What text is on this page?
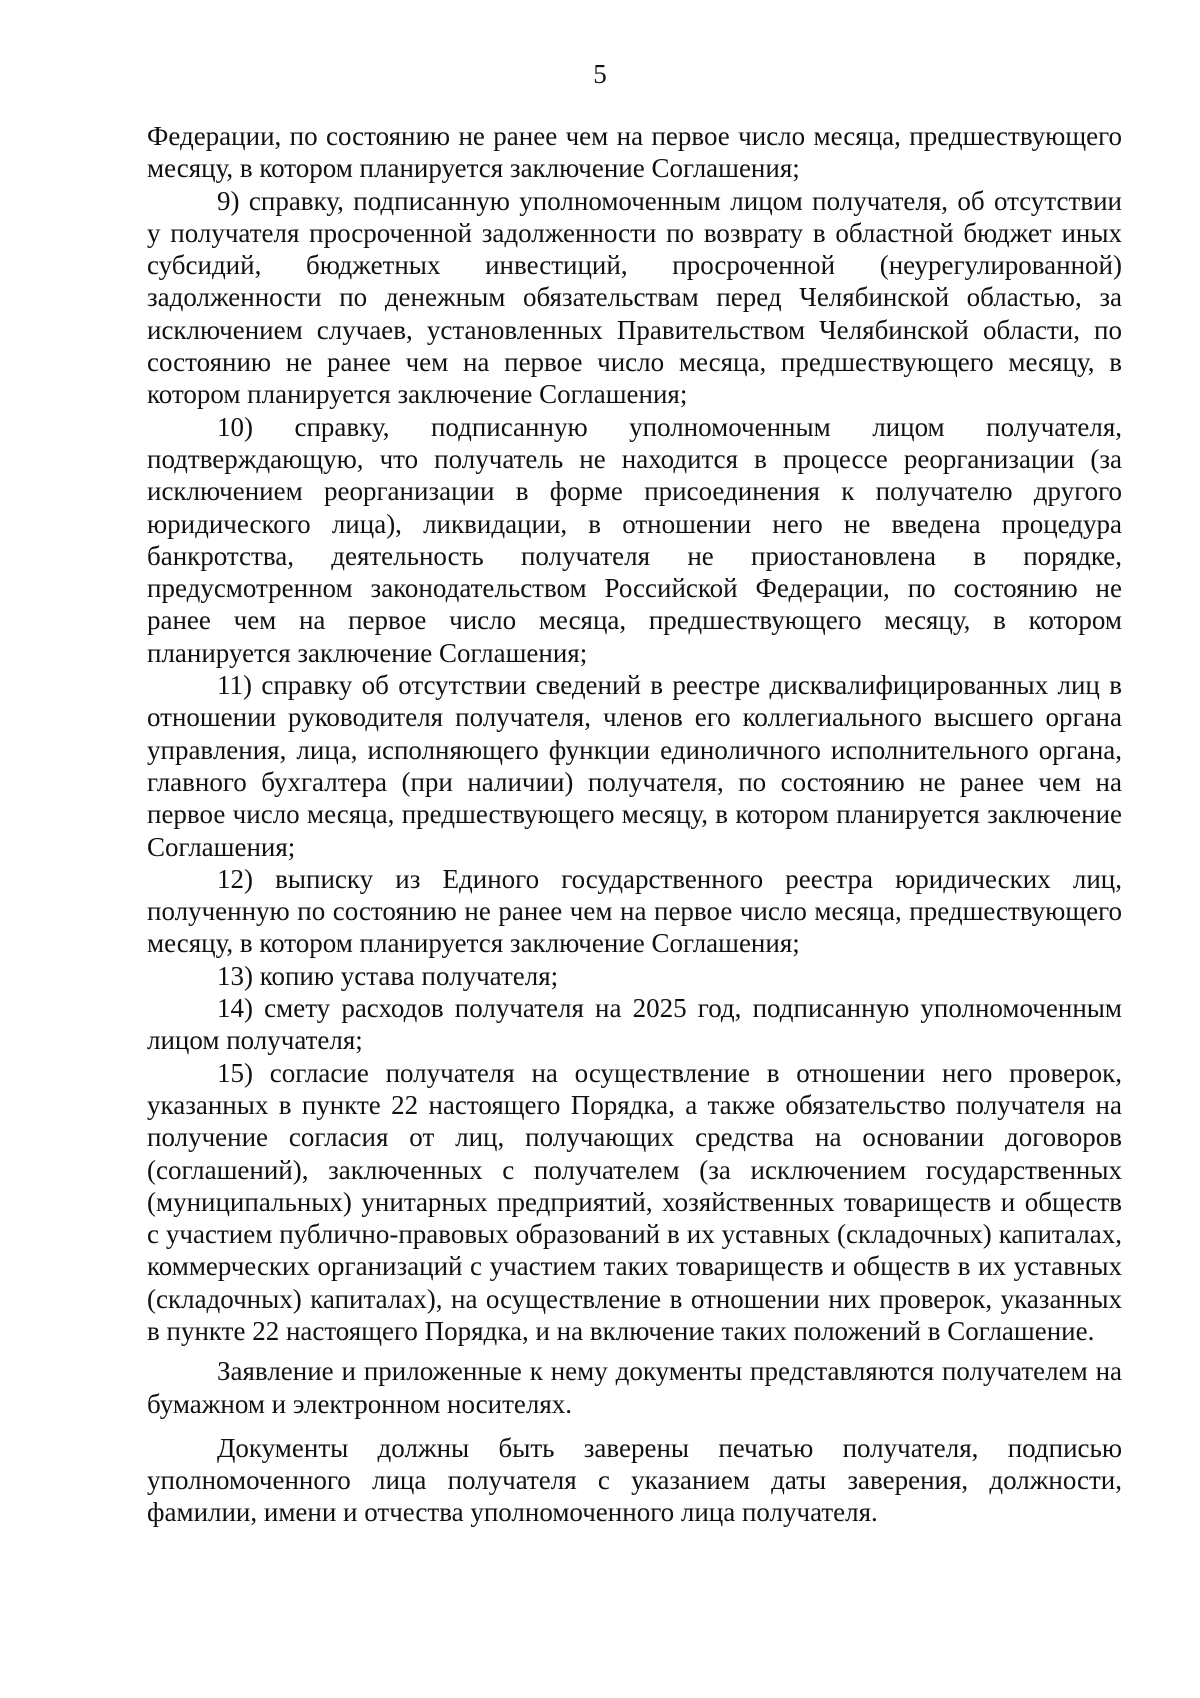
5

Федерации, по состоянию не ранее чем на первое число месяца, предшествующего месяцу, в котором планируется заключение Соглашения;

9) справку, подписанную уполномоченным лицом получателя, об отсутствии у получателя просроченной задолженности по возврату в областной бюджет иных субсидий, бюджетных инвестиций, просроченной (неурегулированной) задолженности по денежным обязательствам перед Челябинской областью, за исключением случаев, установленных Правительством Челябинской области, по состоянию не ранее чем на первое число месяца, предшествующего месяцу, в котором планируется заключение Соглашения;

10) справку, подписанную уполномоченным лицом получателя, подтверждающую, что получатель не находится в процессе реорганизации (за исключением реорганизации в форме присоединения к получателю другого юридического лица), ликвидации, в отношении него не введена процедура банкротства, деятельность получателя не приостановлена в порядке, предусмотренном законодательством Российской Федерации, по состоянию не ранее чем на первое число месяца, предшествующего месяцу, в котором планируется заключение Соглашения;

11) справку об отсутствии сведений в реестре дисквалифицированных лиц в отношении руководителя получателя, членов его коллегиального высшего органа управления, лица, исполняющего функции единоличного исполнительного органа, главного бухгалтера (при наличии) получателя, по состоянию не ранее чем на первое число месяца, предшествующего месяцу, в котором планируется заключение Соглашения;

12) выписку из Единого государственного реестра юридических лиц, полученную по состоянию не ранее чем на первое число месяца, предшествующего месяцу, в котором планируется заключение Соглашения;

13) копию устава получателя;

14) смету расходов получателя на 2025 год, подписанную уполномоченным лицом получателя;

15) согласие получателя на осуществление в отношении него проверок, указанных в пункте 22 настоящего Порядка, а также обязательство получателя на получение согласия от лиц, получающих средства на основании договоров (соглашений), заключенных с получателем (за исключением государственных (муниципальных) унитарных предприятий, хозяйственных товариществ и обществ с участием публично-правовых образований в их уставных (складочных) капиталах, коммерческих организаций с участием таких товариществ и обществ в их уставных (складочных) капиталах), на осуществление в отношении них проверок, указанных в пункте 22 настоящего Порядка, и на включение таких положений в Соглашение.

Заявление и приложенные к нему документы представляются получателем на бумажном и электронном носителях.

Документы должны быть заверены печатью получателя, подписью уполномоченного лица получателя с указанием даты заверения, должности, фамилии, имени и отчества уполномоченного лица получателя.
